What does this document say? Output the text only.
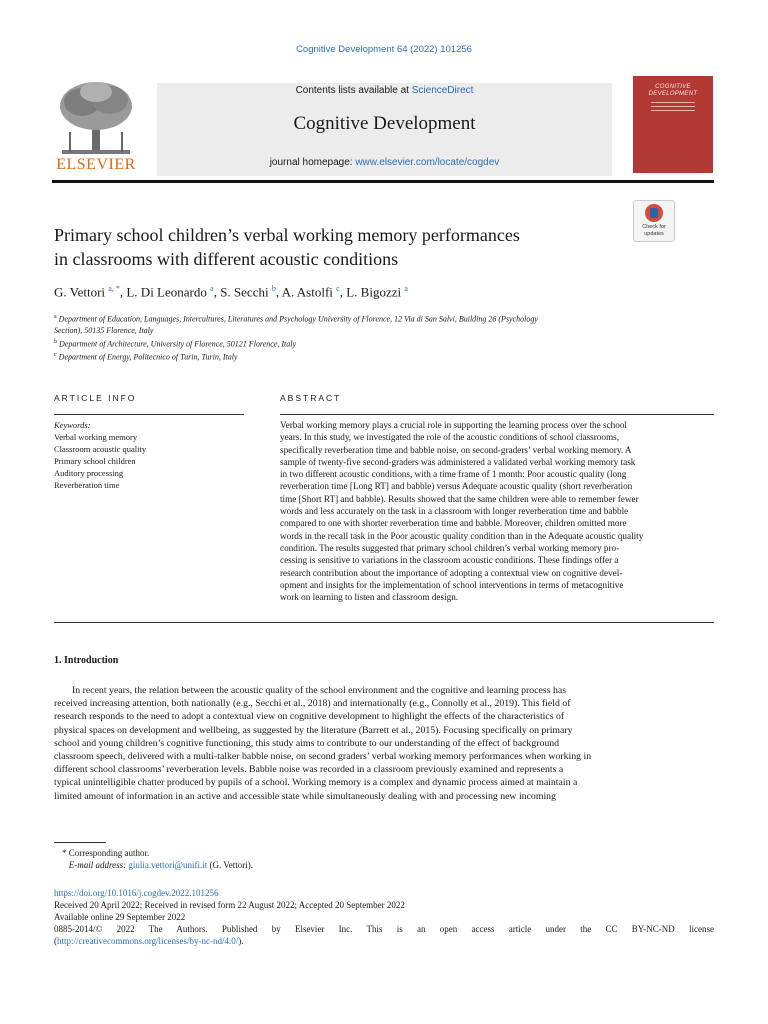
Cognitive Development 64 (2022) 101256
ELSEVIER
Contents lists available at ScienceDirect
Cognitive Development
journal homepage: www.elsevier.com/locate/cogdev
COGNITIVE DEVELOPMENT
Check for
updates
Primary school children’s verbal working memory performances
in classrooms with different acoustic conditions
G. Vettori $^{a, *}$, L. Di Leonardo $^a$, S. Secchi $^b$, A. Astolfi $^c$, L. Bigozzi $^a$
$^a$ Department of Education, Languages, Intercultures, Literatures and Psychology University of Florence, 12 Via di San Salvi, Building 26 (Psychology
Section), 50135 Florence, Italy
$^b$ Department of Architecture, University of Florence, 50121 Florence, Italy
$^c$ Department of Energy, Politecnico of Turin, Turin, Italy
ARTICLE INFO	ABSTRACT
Keywords:
Verbal working memory
Classroom acoustic quality
Primary school children
Auditory processing
Reverberation time
Verbal working memory plays a crucial role in supporting the learning process over the school
years. In this study, we investigated the role of the acoustic conditions of school classrooms,
specifically reverberation time and babble noise, on second-graders’ verbal working memory. A
sample of twenty-five second-graders was administered a validated verbal working memory task
in two different acoustic conditions, with a time frame of 1 month: Poor acoustic quality (long
reverberation time [Long RT] and babble) versus Adequate acoustic quality (short reverberation
time [Short RT] and babble). Results showed that the same children were able to remember fewer
words and less accurately on the task in a classroom with longer reverberation time and babble
compared to one with shorter reverberation time and babble. Moreover, children omitted more
words in the recall task in the Poor acoustic quality condition than in the Adequate acoustic quality
condition. The results suggested that primary school children’s verbal working memory pro-
cessing is sensitive to variations in the classroom acoustic conditions. These findings offer a
research contribution about the importance of adopting a contextual view on cognitive devel-
opment and insights for the implementation of school interventions in terms of metacognitive
work on learning to listen and classroom design.
1. Introduction
In recent years, the relation between the acoustic quality of the school environment and the cognitive and learning process has
received increasing attention, both nationally (e.g., Secchi et al., 2018) and internationally (e.g., Connolly et al., 2019). This field of
research responds to the need to adopt a contextual view on cognitive development to highlight the effects of the characteristics of
physical spaces on development and wellbeing, as suggested by the literature (Barrett et al., 2015). Focusing specifically on primary
school and young children’s cognitive functioning, this study aims to contribute to our understanding of the effect of background
classroom speech, delivered with a multi-talker babble noise, on second graders’ verbal working memory performances when working in
different school classrooms’ reverberation levels. Babble noise was recorded in a classroom previously examined and represents a
typical unintelligible chatter produced by pupils of a school. Working memory is a complex and dynamic process aimed at maintain a
limited amount of information in an active and accessible state while simultaneously dealing with and processing new incoming
* Corresponding author.
E-mail address: giulia.vettori@unifi.it (G. Vettori).
https://doi.org/10.1016/j.cogdev.2022.101256
Received 20 April 2022; Received in revised form 22 August 2022; Accepted 20 September 2022
Available online 29 September 2022
0885-2014/© 2022 The Authors. Published by Elsevier Inc. This is an open access article under the CC BY-NC-ND license
(http://creativecommons.org/licenses/by-nc-nd/4.0/).
